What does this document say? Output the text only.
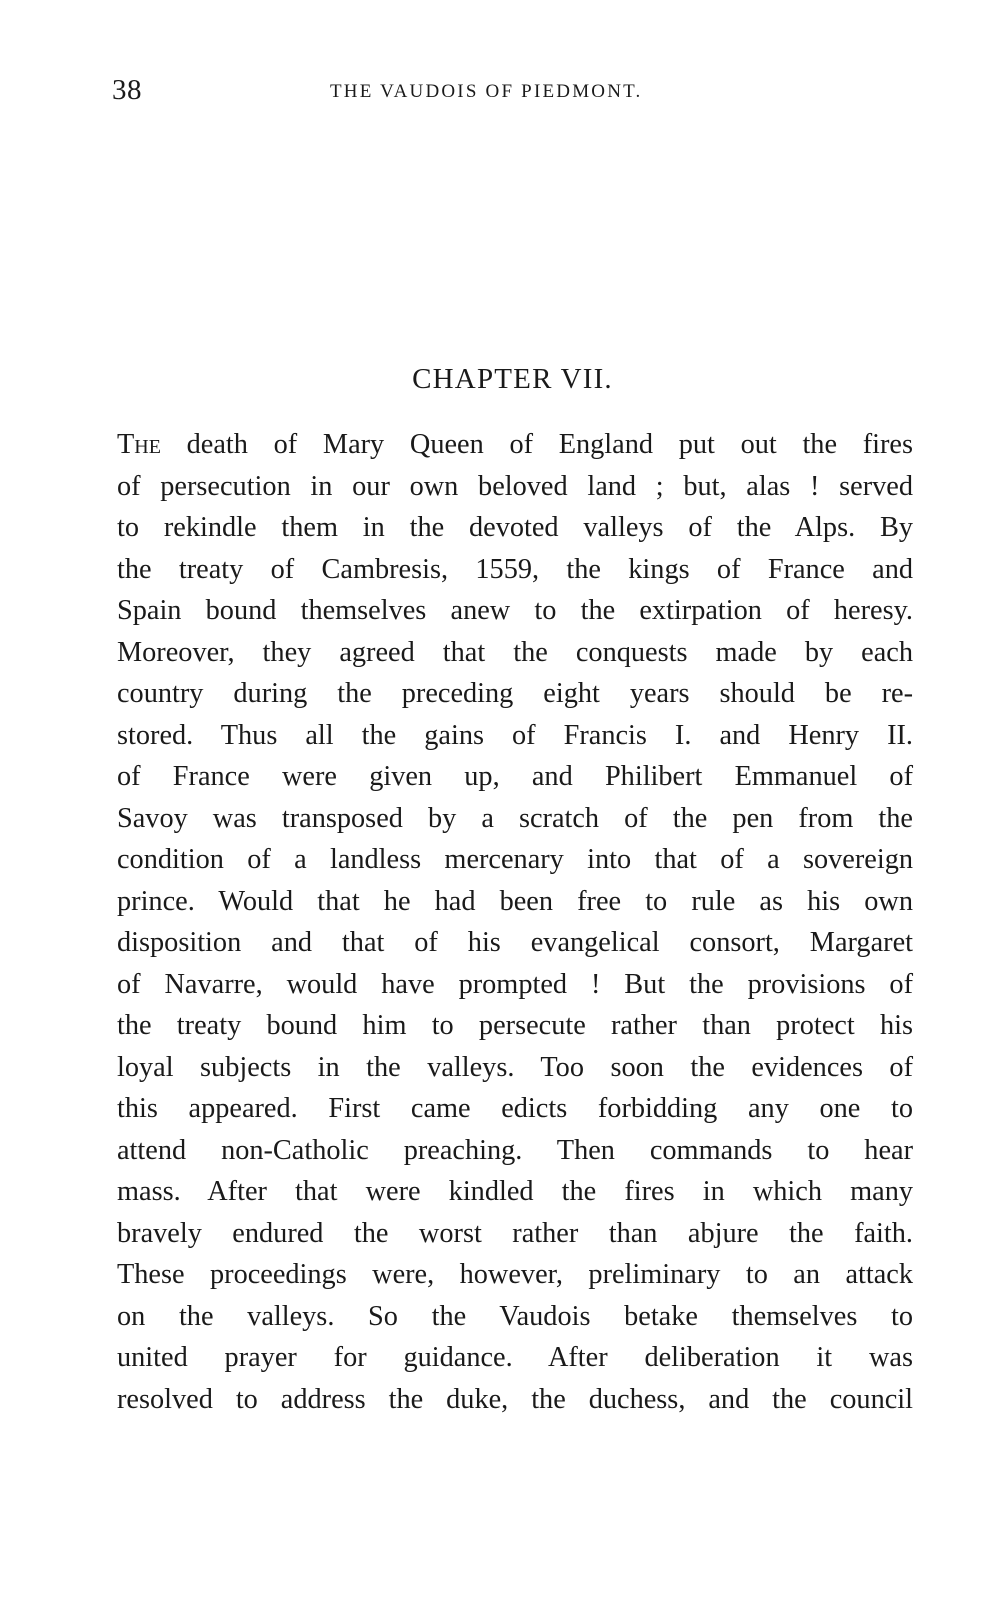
38	THE VAUDOIS OF PIEDMONT.
CHAPTER VII.
The death of Mary Queen of England put out the fires
of persecution in our own beloved land ; but, alas ! served
to rekindle them in the devoted valleys of the Alps. By
the treaty of Cambresis, 1559, the kings of France and
Spain bound themselves anew to the extirpation of heresy.
Moreover, they agreed that the conquests made by each
country during the preceding eight years should be re-
stored. Thus all the gains of Francis I. and Henry II.
of France were given up, and Philibert Emmanuel of
Savoy was transposed by a scratch of the pen from the
condition of a landless mercenary into that of a sovereign
prince. Would that he had been free to rule as his own
disposition and that of his evangelical consort, Margaret
of Navarre, would have prompted ! But the provisions of
the treaty bound him to persecute rather than protect his
loyal subjects in the valleys. Too soon the evidences of
this appeared. First came edicts forbidding any one to
attend non-Catholic preaching. Then commands to hear
mass. After that were kindled the fires in which many
bravely endured the worst rather than abjure the faith.
These proceedings were, however, preliminary to an attack
on the valleys. So the Vaudois betake themselves to
united prayer for guidance. After deliberation it was
resolved to address the duke, the duchess, and the council
